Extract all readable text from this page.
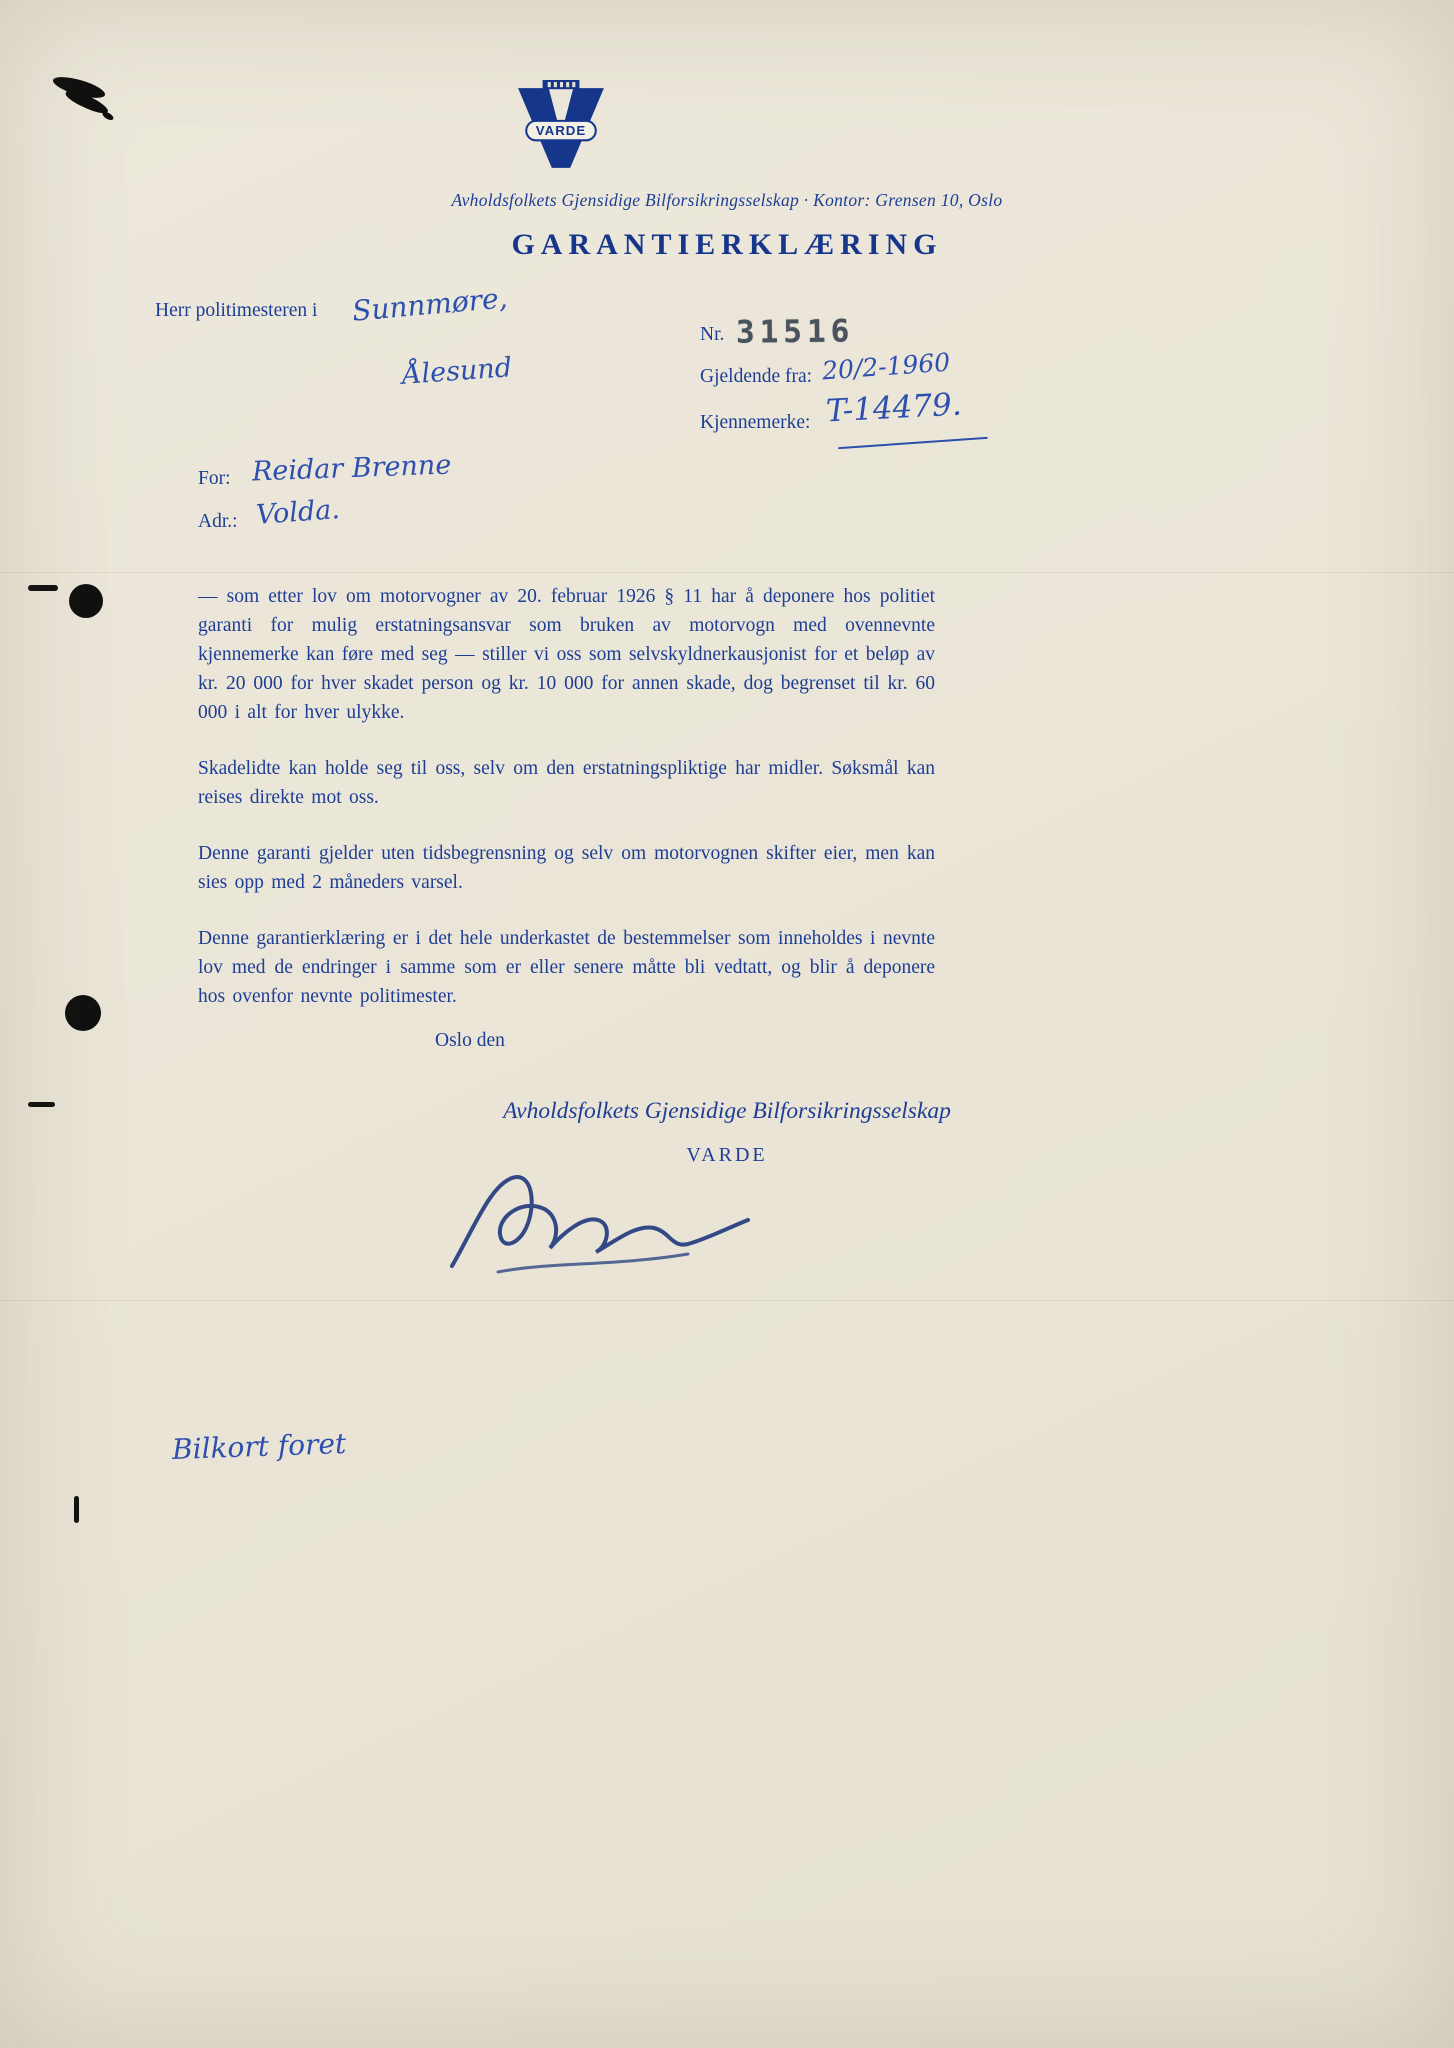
VARDE
Avholdsfolkets Gjensidige Bilforsikringsselskap · Kontor: Grensen 10, Oslo
GARANTIERKLÆRING
Herr politimesteren i Sunnmøre,
Ålesund
Nr. 31516
Gjeldende fra: 20/2-1960
Kjennemerke: T-14479.
For: Reidar Brenne
Adr.: Volda.

— som etter lov om motorvogner av 20. februar 1926 § 11 har å deponere hos politiet garanti for mulig erstatningsansvar som bruken av motorvogn med ovennevnte kjennemerke kan føre med seg — stiller vi oss som selvskyldnerkausjonist for et beløp av kr. 20 000 for hver skadet person og kr. 10 000 for annen skade, dog begrenset til kr. 60 000 i alt for hver ulykke.

Skadelidte kan holde seg til oss, selv om den erstatningspliktige har midler. Søksmål kan reises direkte mot oss.

Denne garanti gjelder uten tidsbegrensning og selv om motorvognen skifter eier, men kan sies opp med 2 måneders varsel.

Denne garantierklæring er i det hele underkastet de bestemmelser som inneholdes i nevnte lov med de endringer i samme som er eller senere måtte bli vedtatt, og blir å deponere hos ovenfor nevnte politimester.

Oslo den
Avholdsfolkets Gjensidige Bilforsikringsselskap
VARDE
Bilkort foret
